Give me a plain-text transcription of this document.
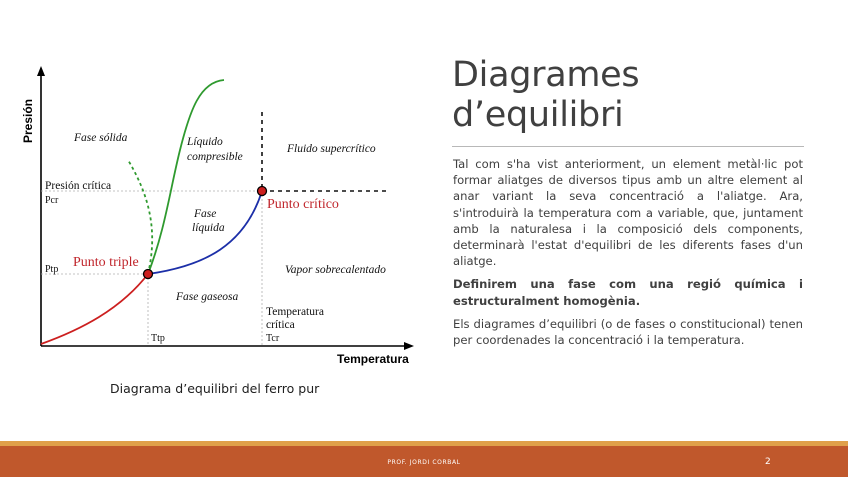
Diagrames d’equilibri

Tal com s'ha vist anteriorment, un element metàl·lic pot formar aliatges de diversos tipus amb un altre element al anar variant la seva concentració a l'aliatge. Ara, s'introduirà la temperatura com a variable, que, juntament amb la naturalesa i la composició dels components, determinarà l'estat d'equilibri de les diferents fases d'un aliatge.

Definirem una fase com una regió química i estructuralment homogènia.

Els diagrames d’equilibri (o de fases o constitucional) tenen per coordenades la concentració i la temperatura.

Presión
Temperatura
Fase sólida	Líquido
compresible
Fluido supercrítico
Fase
líquida
Vapor sobrecalentado
Fase gaseosa
Presión crítica
Pcr
Ptp
Temperatura
crítica
Tcr
Ttp
Punto triple
Punto crítico
Diagrama d’equilibri del ferro pur
PROF. JORDI CORBAL	2
